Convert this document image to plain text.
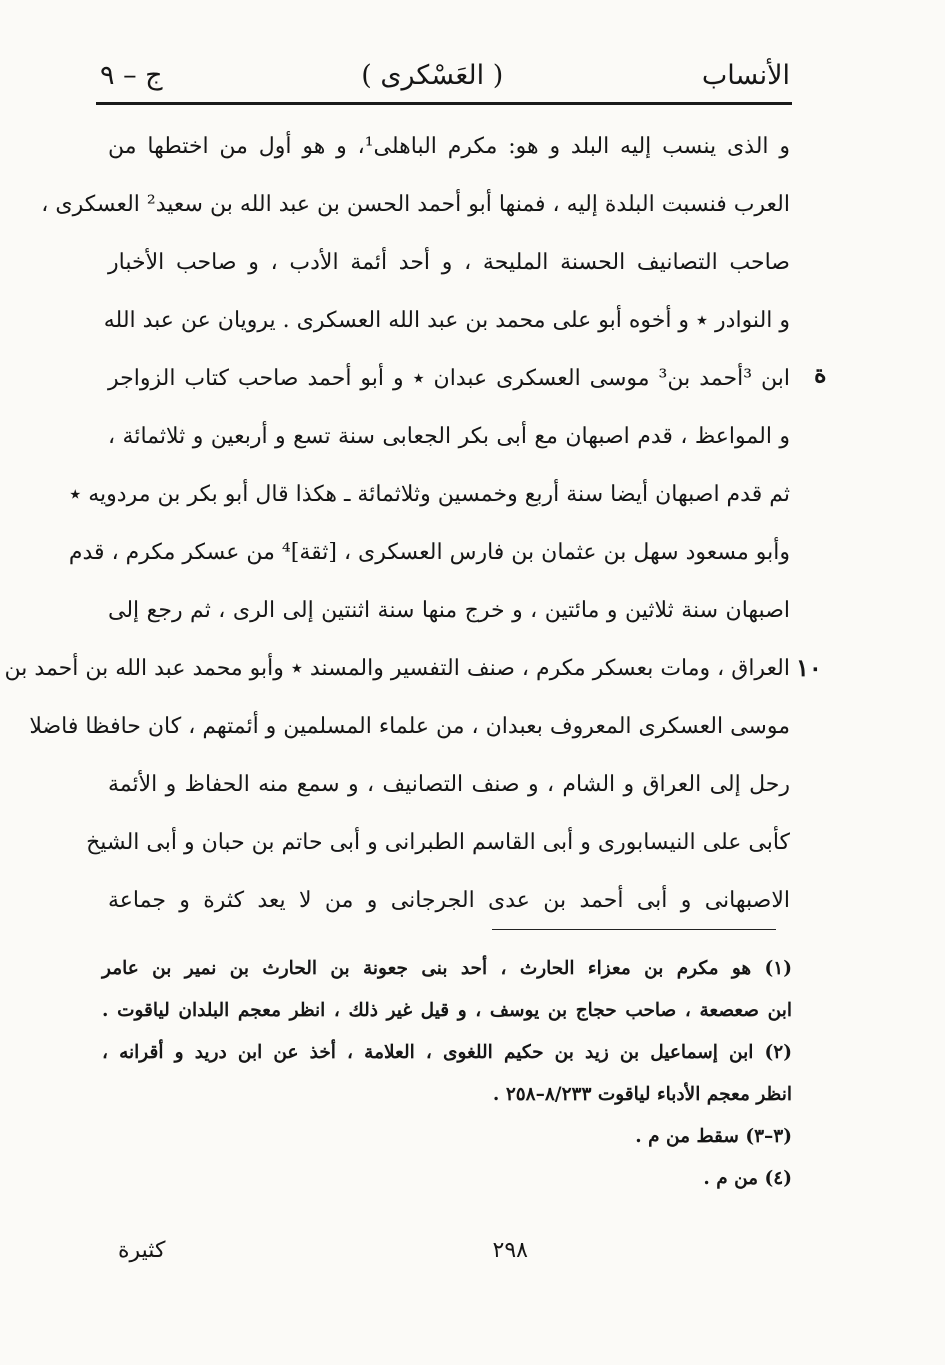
الأنساب
( العَسْكرى )
ج – ٩
ة
١٠
و الذى ينسب إليه البلد و هو: مكرم الباهلى¹، و هو أول من اختطها من
العرب فنسبت البلدة إليه ، فمنها أبو أحمد الحسن بن عبد الله بن سعيد² العسكرى ،
صاحب التصانيف الحسنة المليحة ، و أحد أئمة الأدب ، و صاحب الأخبار
و النوادر ٭ و أخوه أبو على محمد بن عبد الله العسكرى . يرويان عن عبد الله
ابن ³أحمد بن³ موسى العسكرى عبدان ٭ و أبو أحمد صاحب كتاب الزواجر
و المواعظ ، قدم اصبهان مع أبى بكر الجعابى سنة تسع و أربعين و ثلاثمائة ،
ثم قدم اصبهان أيضا سنة أربع وخمسين وثلاثمائة ـ هكذا قال أبو بكر بن مردويه ٭
وأبو مسعود سهل بن عثمان بن فارس العسكرى ، [ثقة]⁴ من عسكر مكرم ، قدم
اصبهان سنة ثلاثين و مائتين ، و خرج منها سنة اثنتين إلى الرى ، ثم رجع إلى
العراق ، ومات بعسكر مكرم ، صنف التفسير والمسند ٭ وأبو محمد عبد الله بن أحمد بن
موسى العسكرى المعروف بعبدان ، من علماء المسلمين و أئمتهم ، كان حافظا فاضلا
رحل إلى العراق و الشام ، و صنف التصانيف ، و سمع منه الحفاظ و الأئمة
كأبى على النيسابورى و أبى القاسم الطبرانى و أبى حاتم بن حبان و أبى الشيخ
الاصبهانى و أبى أحمد بن عدى الجرجانى و من لا يعد كثرة و جماعة
(١) هو مكرم بن معزاء الحارث ، أحد بنى جعونة بن الحارث بن نمير بن عامر
ابن صعصعة ، صاحب حجاج بن يوسف ، و قيل غير ذلك ، انظر معجم البلدان لياقوت .
(٢) ابن إسماعيل بن زيد بن حكيم اللغوى ، العلامة ، أخذ عن ابن دريد و أقرانه ،
انظر معجم الأدباء لياقوت ٨/٢٣٣–٢٥٨ .
(٣–٣) سقط من م .
(٤) من م .
٢٩٨
كثيرة
